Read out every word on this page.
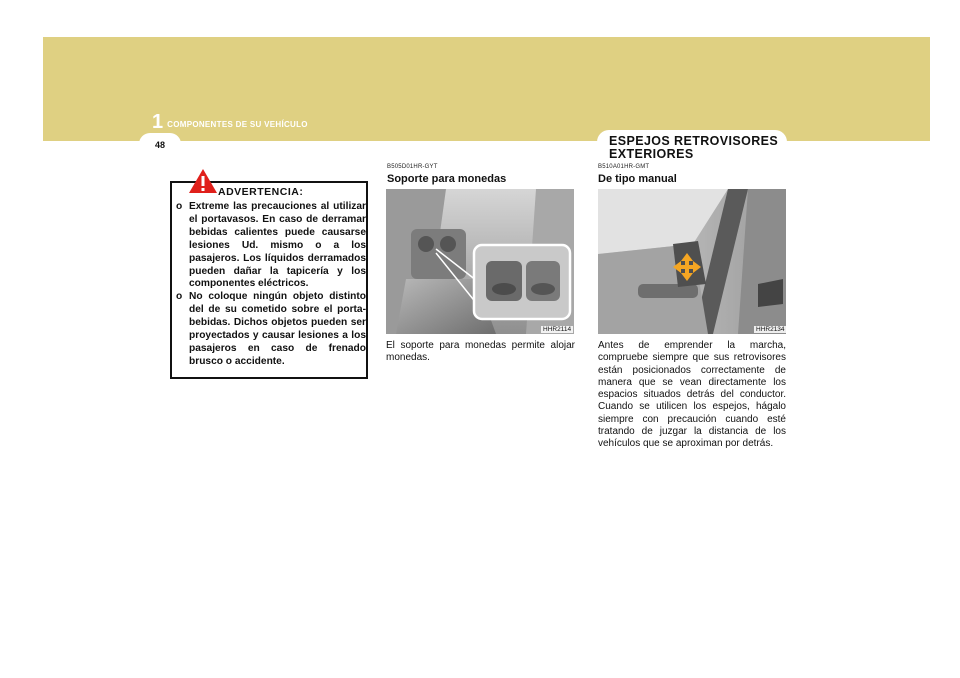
1 COMPONENTES DE SU VEHÍCULO
48	ESPEJOS RETROVISORES EXTERIORES
ADVERTENCIA:
o Extreme las precauciones al utilizar el portavasos. En caso de derramar bebidas calientes puede causarse lesiones Ud. mismo o a los pasajeros. Los líquidos derramados pueden dañar la tapicería y los componentes eléctricos.
o No coloque ningún objeto distinto del de su cometido sobre el porta-bebidas. Dichos objetos pueden ser proyectados y causar lesiones a los pasajeros en caso de frenado brusco o accidente.
B505D01HR-GYT
Soporte para monedas
HHR2114

El soporte para monedas permite alojar monedas.

B510A01HR-GMT
De tipo manual
HHR2134

Antes de emprender la marcha, compruebe siempre que sus retrovisores están posicionados correctamente de manera que se vean directamente los espacios situados detrás del conductor. Cuando se utilicen los espejos, hágalo siempre con precaución cuando esté tratando de juzgar la distancia de los vehículos que se aproximan por detrás.
